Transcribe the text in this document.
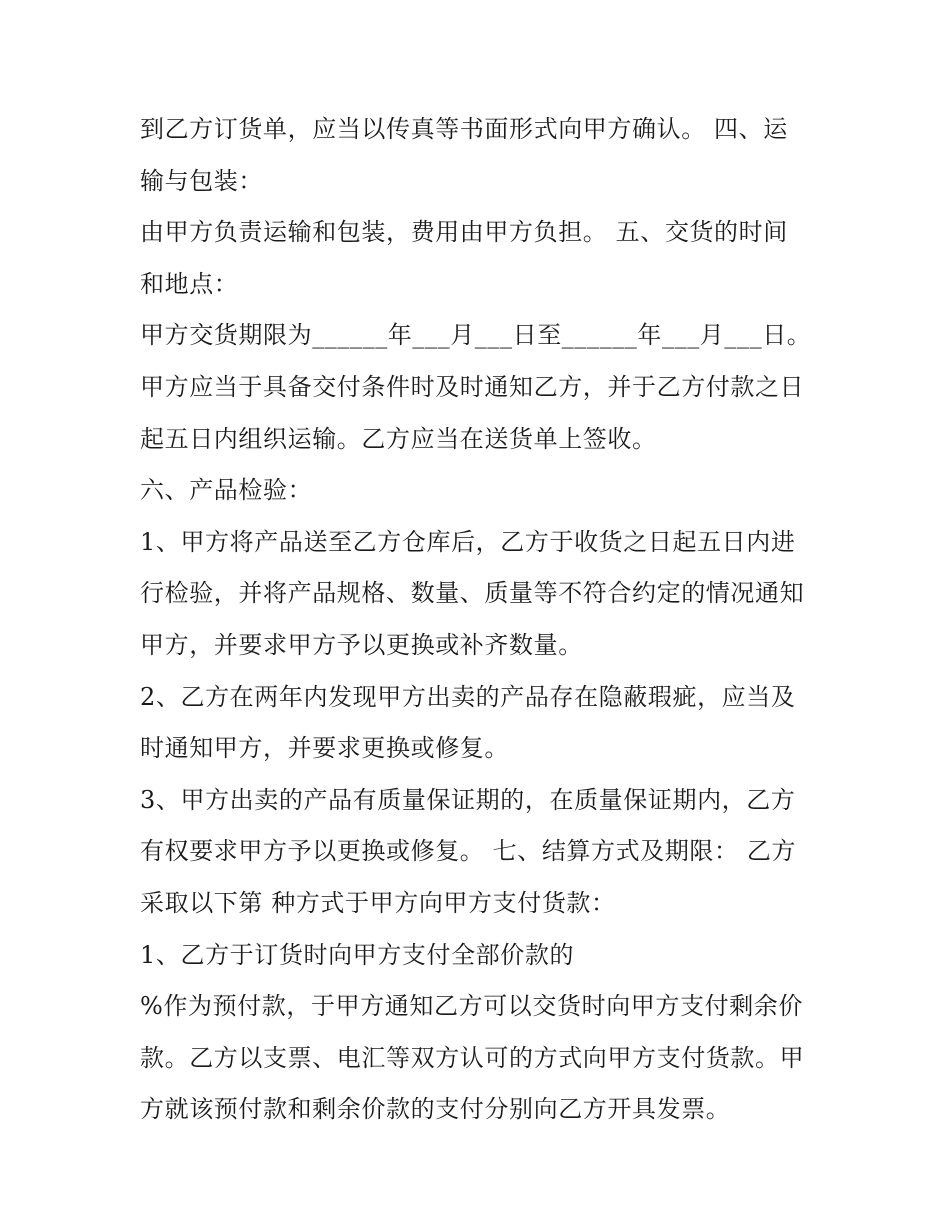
到乙方订货单，应当以传真等书面形式向甲方确认。 四、运
输与包装：
由甲方负责运输和包装，费用由甲方负担。 五、交货的时间
和地点：
甲方交货期限为______年___月___日至______年___月___日。
甲方应当于具备交付条件时及时通知乙方，并于乙方付款之日
起五日内组织运输。乙方应当在送货单上签收。
六、产品检验：
1、甲方将产品送至乙方仓库后，乙方于收货之日起五日内进
行检验，并将产品规格、数量、质量等不符合约定的情况通知
甲方，并要求甲方予以更换或补齐数量。
2、乙方在两年内发现甲方出卖的产品存在隐蔽瑕疵，应当及
时通知甲方，并要求更换或修复。
3、甲方出卖的产品有质量保证期的，在质量保证期内，乙方
有权要求甲方予以更换或修复。 七、结算方式及期限： 乙方
采取以下第 种方式于甲方向甲方支付货款：
1、乙方于订货时向甲方支付全部价款的
%作为预付款，于甲方通知乙方可以交货时向甲方支付剩余价
款。乙方以支票、电汇等双方认可的方式向甲方支付货款。甲
方就该预付款和剩余价款的支付分别向乙方开具发票。
